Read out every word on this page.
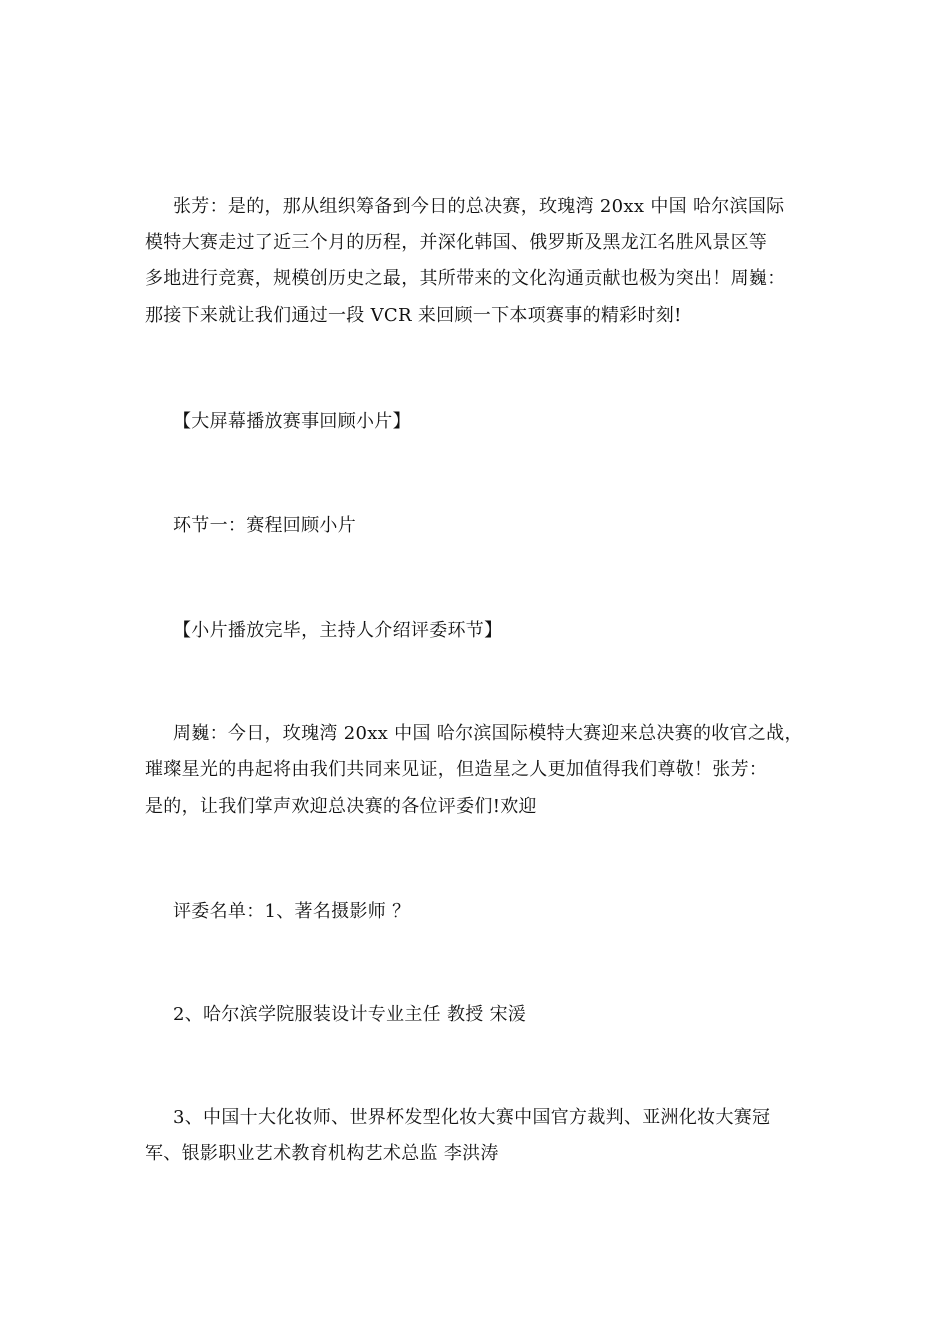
张芳：是的，那从组织筹备到今日的总决赛，玫瑰湾 20xx 中国 哈尔滨国际
模特大赛走过了近三个月的历程，并深化韩国、俄罗斯及黑龙江名胜风景区等
多地进行竞赛，规模创历史之最，其所带来的文化沟通贡献也极为突出！周巍：
那接下来就让我们通过一段 VCR 来回顾一下本项赛事的精彩时刻!
【大屏幕播放赛事回顾小片】
环节一：赛程回顾小片
【小片播放完毕，主持人介绍评委环节】
周巍：今日，玫瑰湾 20xx 中国 哈尔滨国际模特大赛迎来总决赛的收官之战，
璀璨星光的冉起将由我们共同来见证，但造星之人更加值得我们尊敬！张芳：
是的，让我们掌声欢迎总决赛的各位评委们!欢迎
评委名单：1、著名摄影师 ？
2、哈尔滨学院服装设计专业主任 教授 宋湲
3、中国十大化妆师、世界杯发型化妆大赛中国官方裁判、亚洲化妆大赛冠
军、银影职业艺术教育机构艺术总监 李洪涛
